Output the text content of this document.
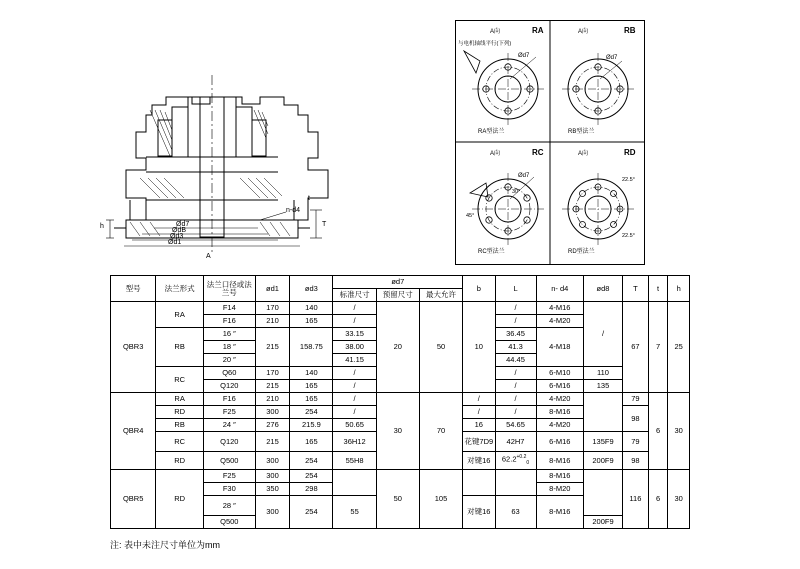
Ød7
ØdB
Ød3
Ød1
n-d4
h
t
T
A
A向
与电机轴线平行(下列)
RA
Ød7
RA型法兰
A向	RB
Ød7
RB型法兰
A向	RC
Ød7
30°
45°
RC型法兰
A向	RD
22.5°
22.5°
RD型法兰
型号	法兰形式	法兰口径或法兰号	ød1	ød3	ød7			b	L	n- d4	ød8	T	t	h
					标准尺寸	预留尺寸	最大允许							
QBR3	RA	F14	170	140	/	20	50	10	/	4-M16	/	67	7	25
		F16	210	165	/				/	4-M20				
	RB	16 ″	215	158.75	33.15				36.45	4-M18				
		18 ″			38.00				41.3					
		20 ″			41.15				44.45					
	RC	Q60	170	140	/				/	6-M10	110			
		Q120	215	165	/				/	6-M16	135			
QBR4	RA	F16	210	165	/	30	70	/	/	4-M20		79	6	30
	RD	F25	300	254	/			/	/	8-M16		98		
	RB	24 ″	276	215.9	50.65			16	54.65	4-M20				
	RC	Q120	215	165	36H12			花键7D9	42H7	6-M16	135F9	79		
	RD	Q500	300	254	55H8			对键16	$62.2^{+0.2}_0$	8-M16	200F9	98		
QBR5	RD	F25	300	254		50	105			8-M16		116	6	30
		F30	350	298						8-M20				
		28 ″	300	254	55			对键16	63	8-M16				
		Q500									200F9			
注: 表中未注尺寸单位为mm
